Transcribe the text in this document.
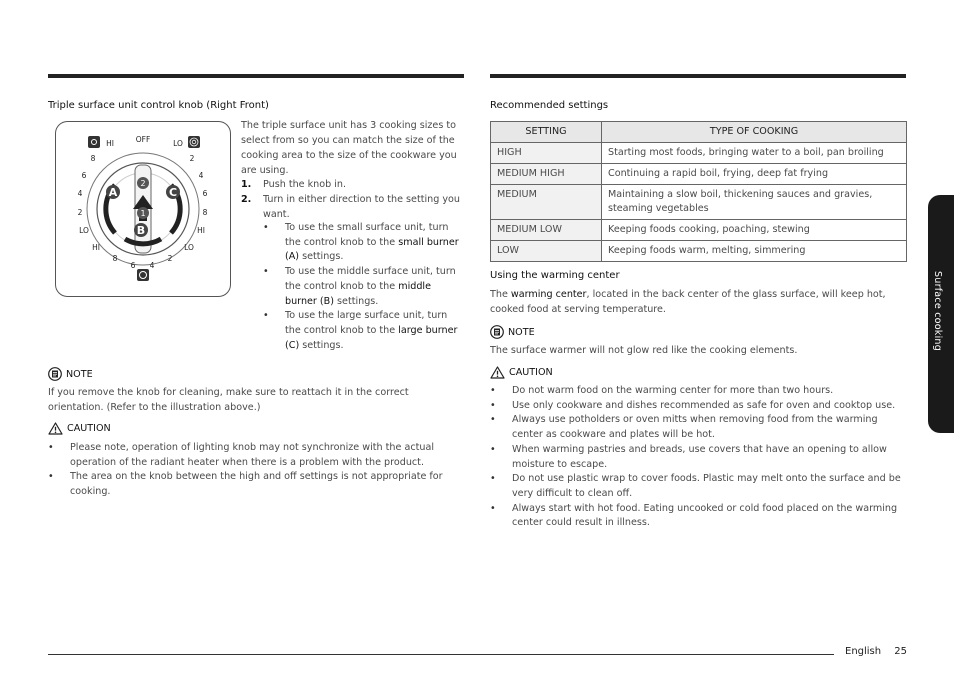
Triple surface unit control knob (Right Front)
2
1
A	C
B
OFF
HI	LO
8
6
4
2
LO
HI
8
6 4
2
LO
HI
8
6
4
2
The triple surface unit has 3 cooking sizes to select from so you can match the size of the cooking area to the size of the cookware you are using.
1. Push the knob in.
2. Turn in either direction to the setting you want.
• To use the small surface unit, turn the control knob to the small burner (A) settings.
• To use the middle surface unit, turn the control knob to the middle burner (B) settings.
• To use the large surface unit, turn the control knob to the large burner (C) settings.
NOTE
If you remove the knob for cleaning, make sure to reattach it in the correct orientation. (Refer to the illustration above.)
CAUTION
• Please note, operation of lighting knob may not synchronize with the actual operation of the radiant heater when there is a problem with the product.
• The area on the knob between the high and off settings is not appropriate for cooking.
Recommended settings
SETTING	TYPE OF COOKING
HIGH	Starting most foods, bringing water to a boil, pan broiling
MEDIUM HIGH	Continuing a rapid boil, frying, deep fat frying
MEDIUM	Maintaining a slow boil, thickening sauces and gravies, steaming vegetables
MEDIUM LOW	Keeping foods cooking, poaching, stewing
LOW	Keeping foods warm, melting, simmering
Using the warming center
The warming center, located in the back center of the glass surface, will keep hot, cooked food at serving temperature.
NOTE
The surface warmer will not glow red like the cooking elements.
CAUTION
• Do not warm food on the warming center for more than two hours.
• Use only cookware and dishes recommended as safe for oven and cooktop use.
• Always use potholders or oven mitts when removing food from the warming center as cookware and plates will be hot.
• When warming pastries and breads, use covers that have an opening to allow moisture to escape.
• Do not use plastic wrap to cover foods. Plastic may melt onto the surface and be very difficult to clean off.
• Always start with hot food. Eating uncooked or cold food placed on the warming center could result in illness.
Surface cooking
English 25
